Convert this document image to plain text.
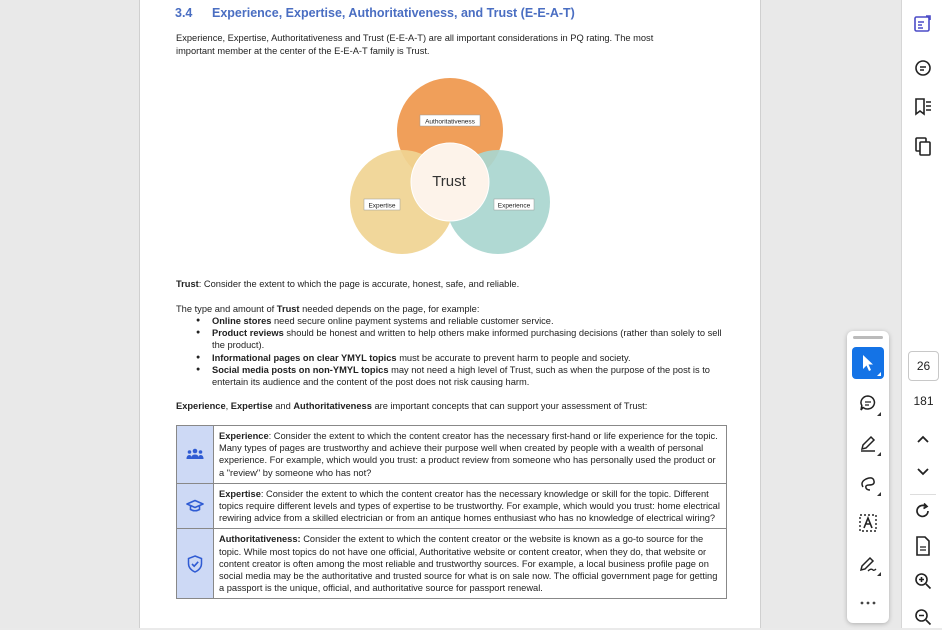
3.4 Experience, Expertise, Authoritativeness, and Trust (E-E-A-T)
Experience, Expertise, Authoritativeness and Trust (E-E-A-T) are all important considerations in PQ rating. The most
important member at the center of the E-E-A-T family is Trust.
Authoritativeness
Expertise	Experience
Trust
Trust: Consider the extent to which the page is accurate, honest, safe, and reliable.
The type and amount of Trust needed depends on the page, for example:
● Online stores need secure online payment systems and reliable customer service.
● Product reviews should be honest and written to help others make informed purchasing decisions (rather than solely to sell the product).
● Informational pages on clear YMYL topics must be accurate to prevent harm to people and society.
● Social media posts on non-YMYL topics may not need a high level of Trust, such as when the purpose of the post is to entertain its audience and the content of the post does not risk causing harm.
Experience, Expertise and Authoritativeness are important concepts that can support your assessment of Trust:
	Experience: Consider the extent to which the content creator has the necessary first-hand or life experience for the topic. Many types of pages are trustworthy and achieve their purpose well when created by people with a wealth of personal experience. For example, which would you trust: a product review from someone who has personally used the product or a "review" by someone who has not?

	Expertise: Consider the extent to which the content creator has the necessary knowledge or skill for the topic. Different topics require different levels and types of expertise to be trustworthy. For example, which would you trust: home electrical rewiring advice from a skilled electrician or from an antique homes enthusiast who has no knowledge of electrical wiring?

	Authoritativeness: Consider the extent to which the content creator or the website is known as a go-to source for the topic. While most topics do not have one official, Authoritative website or content creator, when they do, that website or content creator is often among the most reliable and trustworthy sources. For example, a local business profile page on social media may be the authoritative and trusted source for what is on sale now. The official government page for getting a passport is the unique, official, and authoritative source for passport renewal.
26
181
